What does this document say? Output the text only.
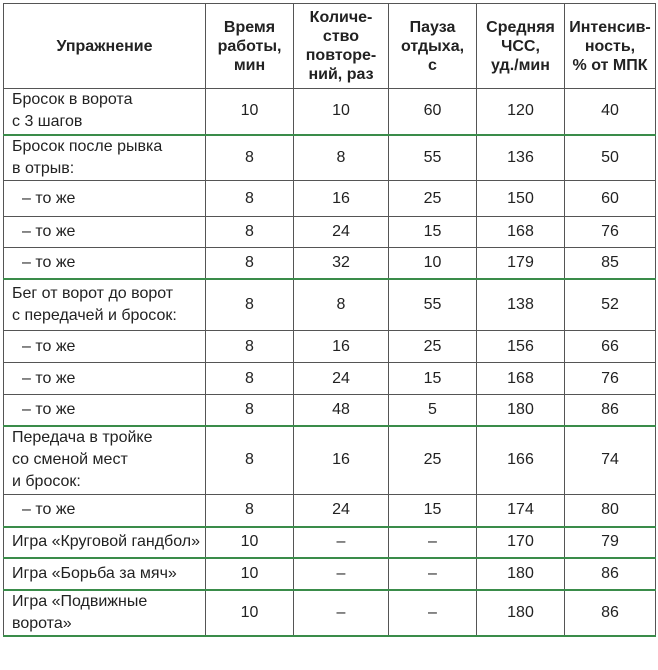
Упражнение	Время
работы,
мин	Количе-
ство
повторе-
ний, раз	Пауза
отдыха,
с	Средняя
ЧСС,
уд./мин	Интенсив-
ность,
% от МПК
Бросок в ворота
с 3 шагов	10	10	60	120	40
Бросок после рывка
в отрыв:	8	8	55	136	50
– то же	8	16	25	150	60
– то же	8	24	15	168	76
– то же	8	32	10	179	85
Бег от ворот до ворот
с передачей и бросок:	8	8	55	138	52
– то же	8	16	25	156	66
– то же	8	24	15	168	76
– то же	8	48	5	180	86
Передача в тройке
со сменой мест
и бросок:	8	16	25	166	74
– то же	8	24	15	174	80
Игра «Круговой гандбол»	10	–	–	170	79
Игра «Борьба за мяч»	10	–	–	180	86
Игра «Подвижные
ворота»	10	–	–	180	86
